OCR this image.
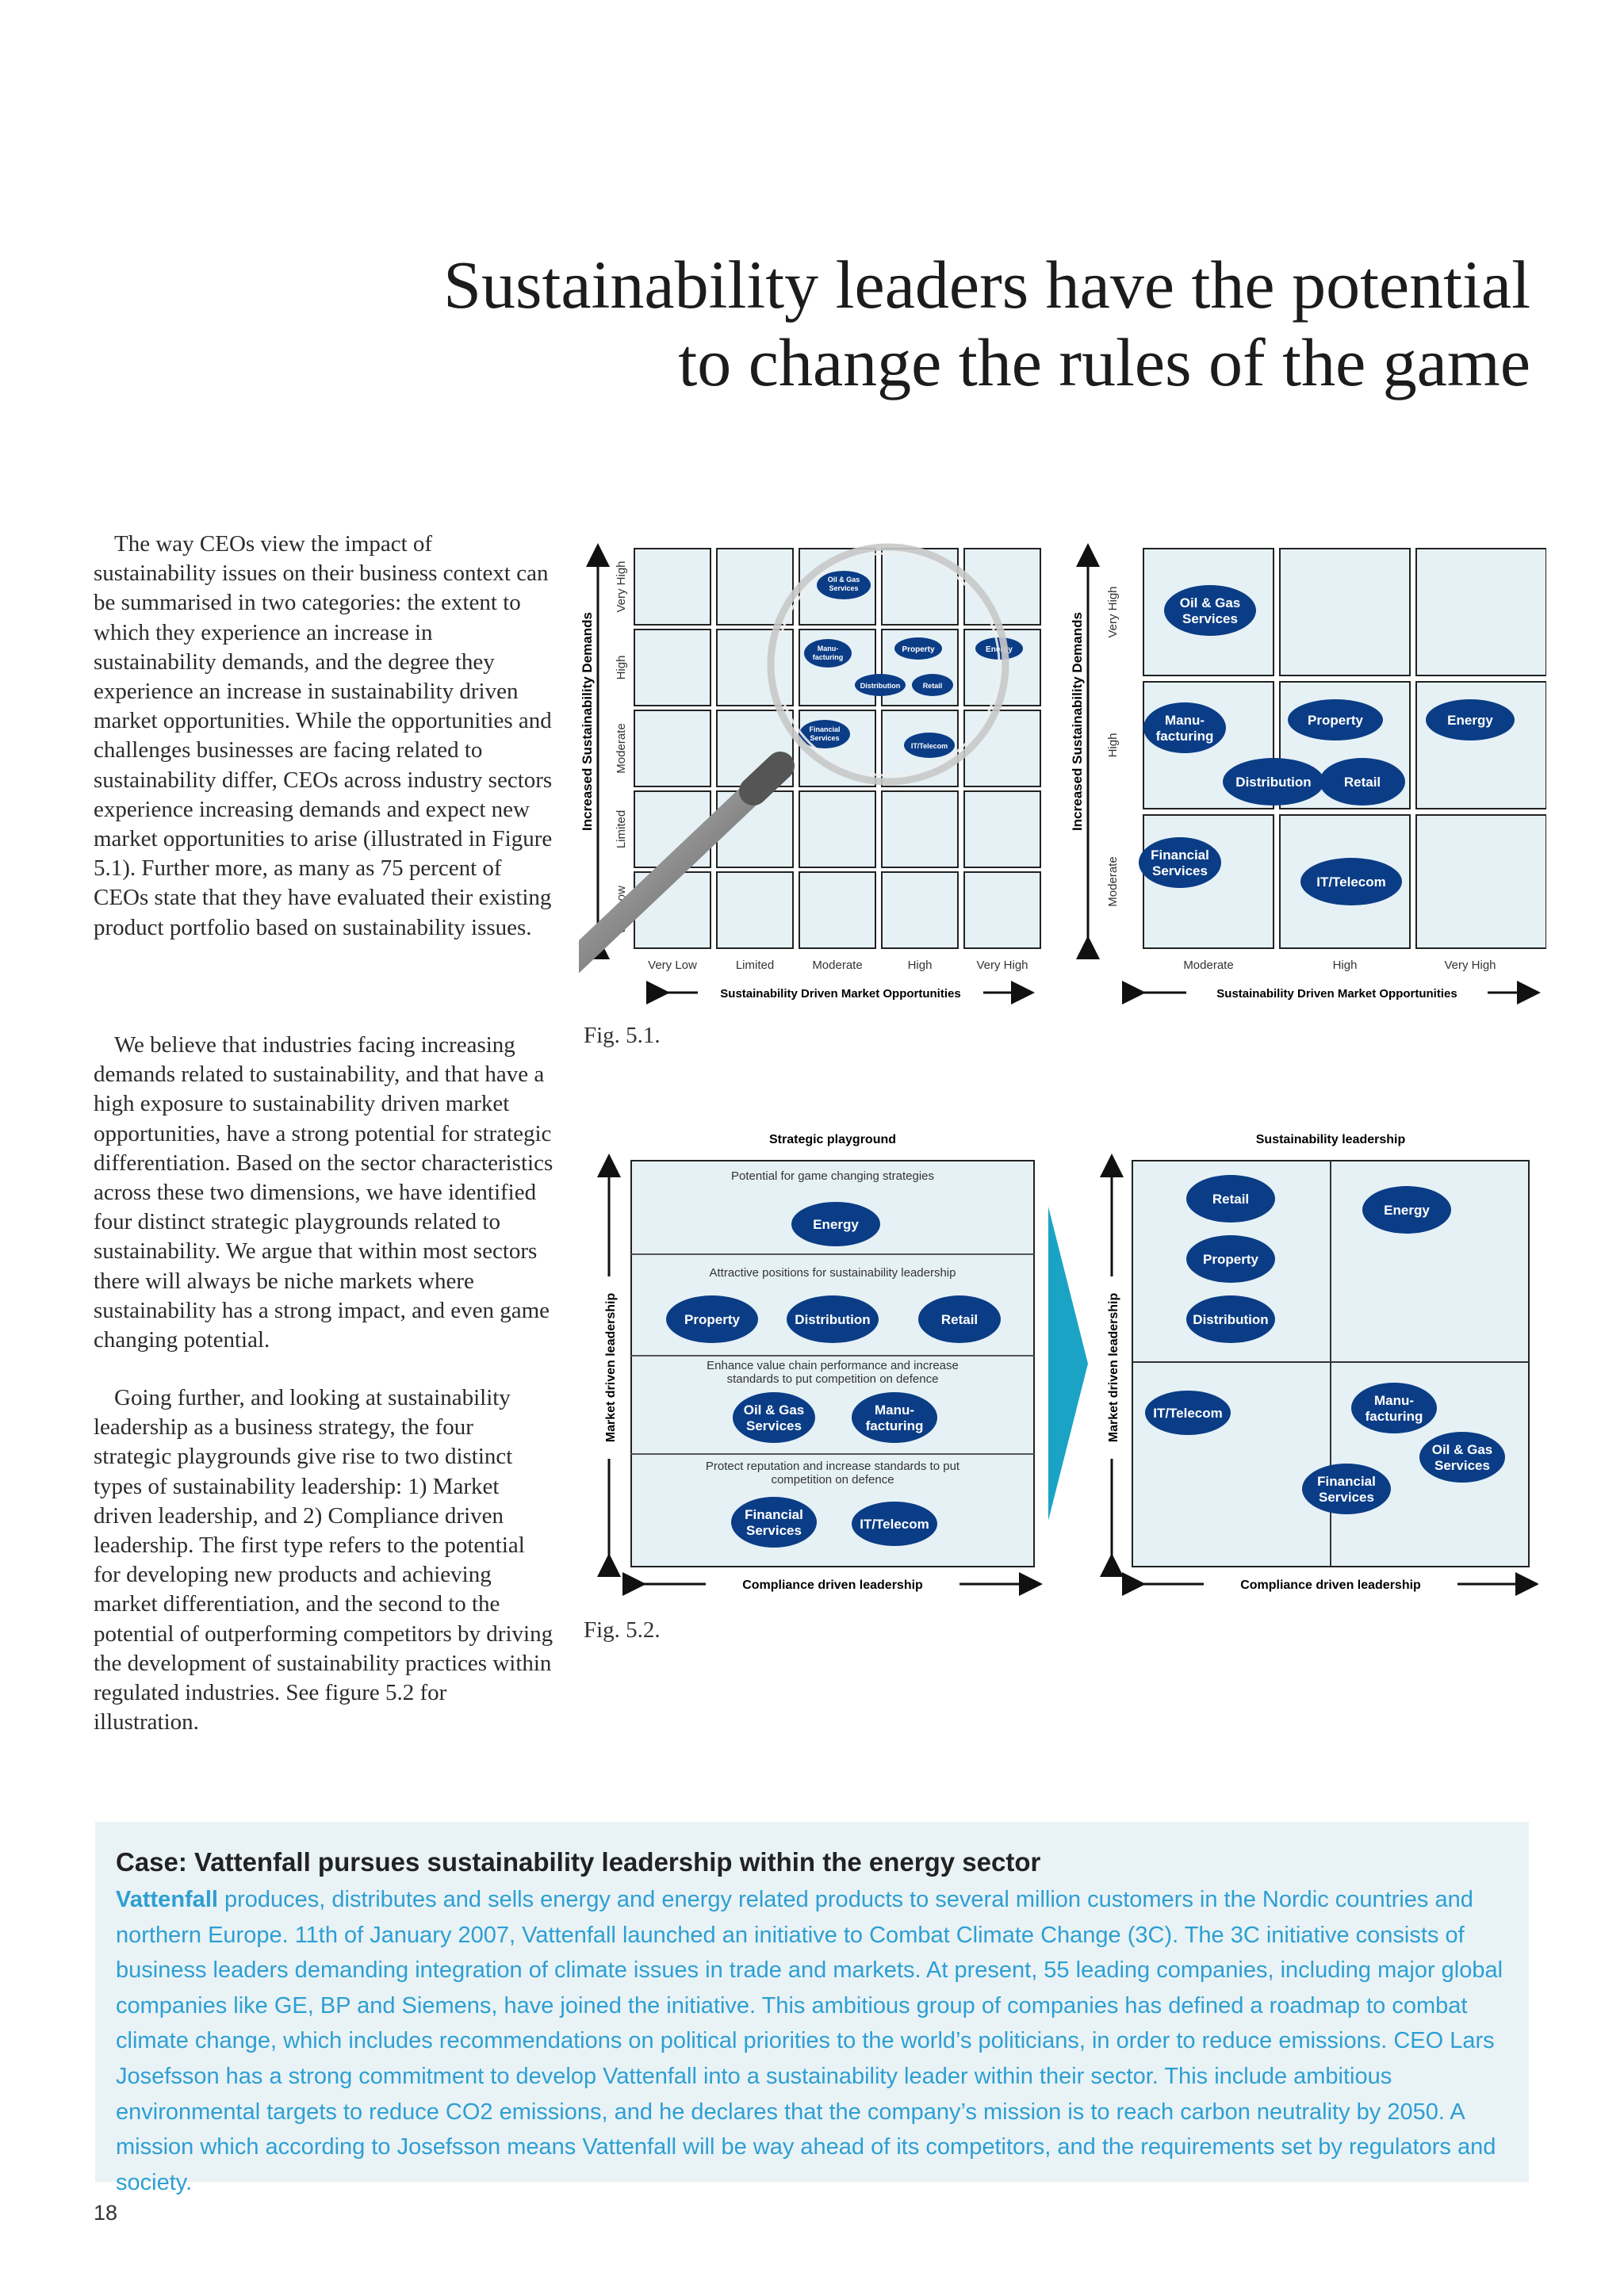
Sustainability leaders have the potential
to change the rules of the game

The way CEOs view the impact of sustainability issues on their business context can be summarised in two categories: the extent to which they experience an increase in sustainability demands, and the degree they experience an increase in sustainability driven market opportunities. While the opportunities and challenges businesses are facing related to sustainability differ, CEOs across industry sectors experience increasing demands and expect new market opportunities to arise (illustrated in Figure 5.1). Further more, as many as 75 percent of CEOs state that they have evaluated their existing product portfolio based on sustainability issues.

We believe that industries facing increasing demands related to sustainability, and that have a high exposure to sustainability driven market opportunities, have a strong potential for strategic differentiation. Based on the sector characteristics across these two dimensions, we have identified four distinct strategic playgrounds related to sustainability. We argue that within most sectors there will always be niche markets where sustainability has a strong impact, and even game changing potential.

Going further, and looking at sustainability leadership as a business strategy, the four strategic playgrounds give rise to two distinct types of sustainability leadership: 1) Market driven leadership, and 2) Compliance driven leadership. The first type refers to the potential for developing new products and achieving market differentiation, and the second to the potential of outperforming competitors by driving the development of sustainability practices within regulated industries. See figure 5.2 for illustration.

Increased Sustainability Demands Limited
Moderate
High
Very High
Very Low	Limited	Moderate	High	Very High
Sustainability Driven Market Opportunities
Oil & Gas
Services
Manu-
facturing
Property	Energy
Distribution	Retail
Financial
Services
IT/Telecom	Increased Sustainability Demands
Moderate
High
Very High
Moderate	High	Very High
Sustainability Driven Market Opportunities
Oil & Gas
Services
Manu-
facturing
Property	Energy
Distribution Retail
Financial
Services
IT/Telecom
Fig. 5.1.
Strategic playground
Potential for game changing strategies
Attractive positions for sustainability leadership
Enhance value chain performance and increase
standards to put competition on defence
Protect reputation and increase standards to put
competition on defence
Energy
Property	Distribution	Retail
Oil & Gas
Services
Manu-
facturing
Financial
Services	IT/Telecom
Market driven leadership
Compliance driven leadership
Sustainability leadership
Retail
Energy
Property
Distribution
IT/Telecom
Manu-
facturing
Oil & Gas
Services
Financial
Services
Market driven leadership
Compliance driven leadership
Fig. 5.2.
Case: Vattenfall pursues sustainability leadership within the energy sector

Vattenfall produces, distributes and sells energy and energy related products to several million customers in the Nordic countries and northern Europe. 11th of January 2007, Vattenfall launched an initiative to Combat Climate Change (3C). The 3C initiative consists of business leaders demanding integration of climate issues in trade and markets. At present, 55 leading companies, including major global companies like GE, BP and Siemens, have joined the initiative. This ambitious group of companies has defined a roadmap to combat climate change, which includes recommendations on political priorities to the world’s politicians, in order to reduce emissions. CEO Lars Josefsson has a strong commitment to develop Vattenfall into a sustainability leader within their sector. This include ambitious environmental targets to reduce CO2 emissions, and he declares that the company’s mission is to reach carbon neutrality by 2050. A mission which according to Josefsson means Vattenfall will be way ahead of its competitors, and the requirements set by regulators and society.

18
